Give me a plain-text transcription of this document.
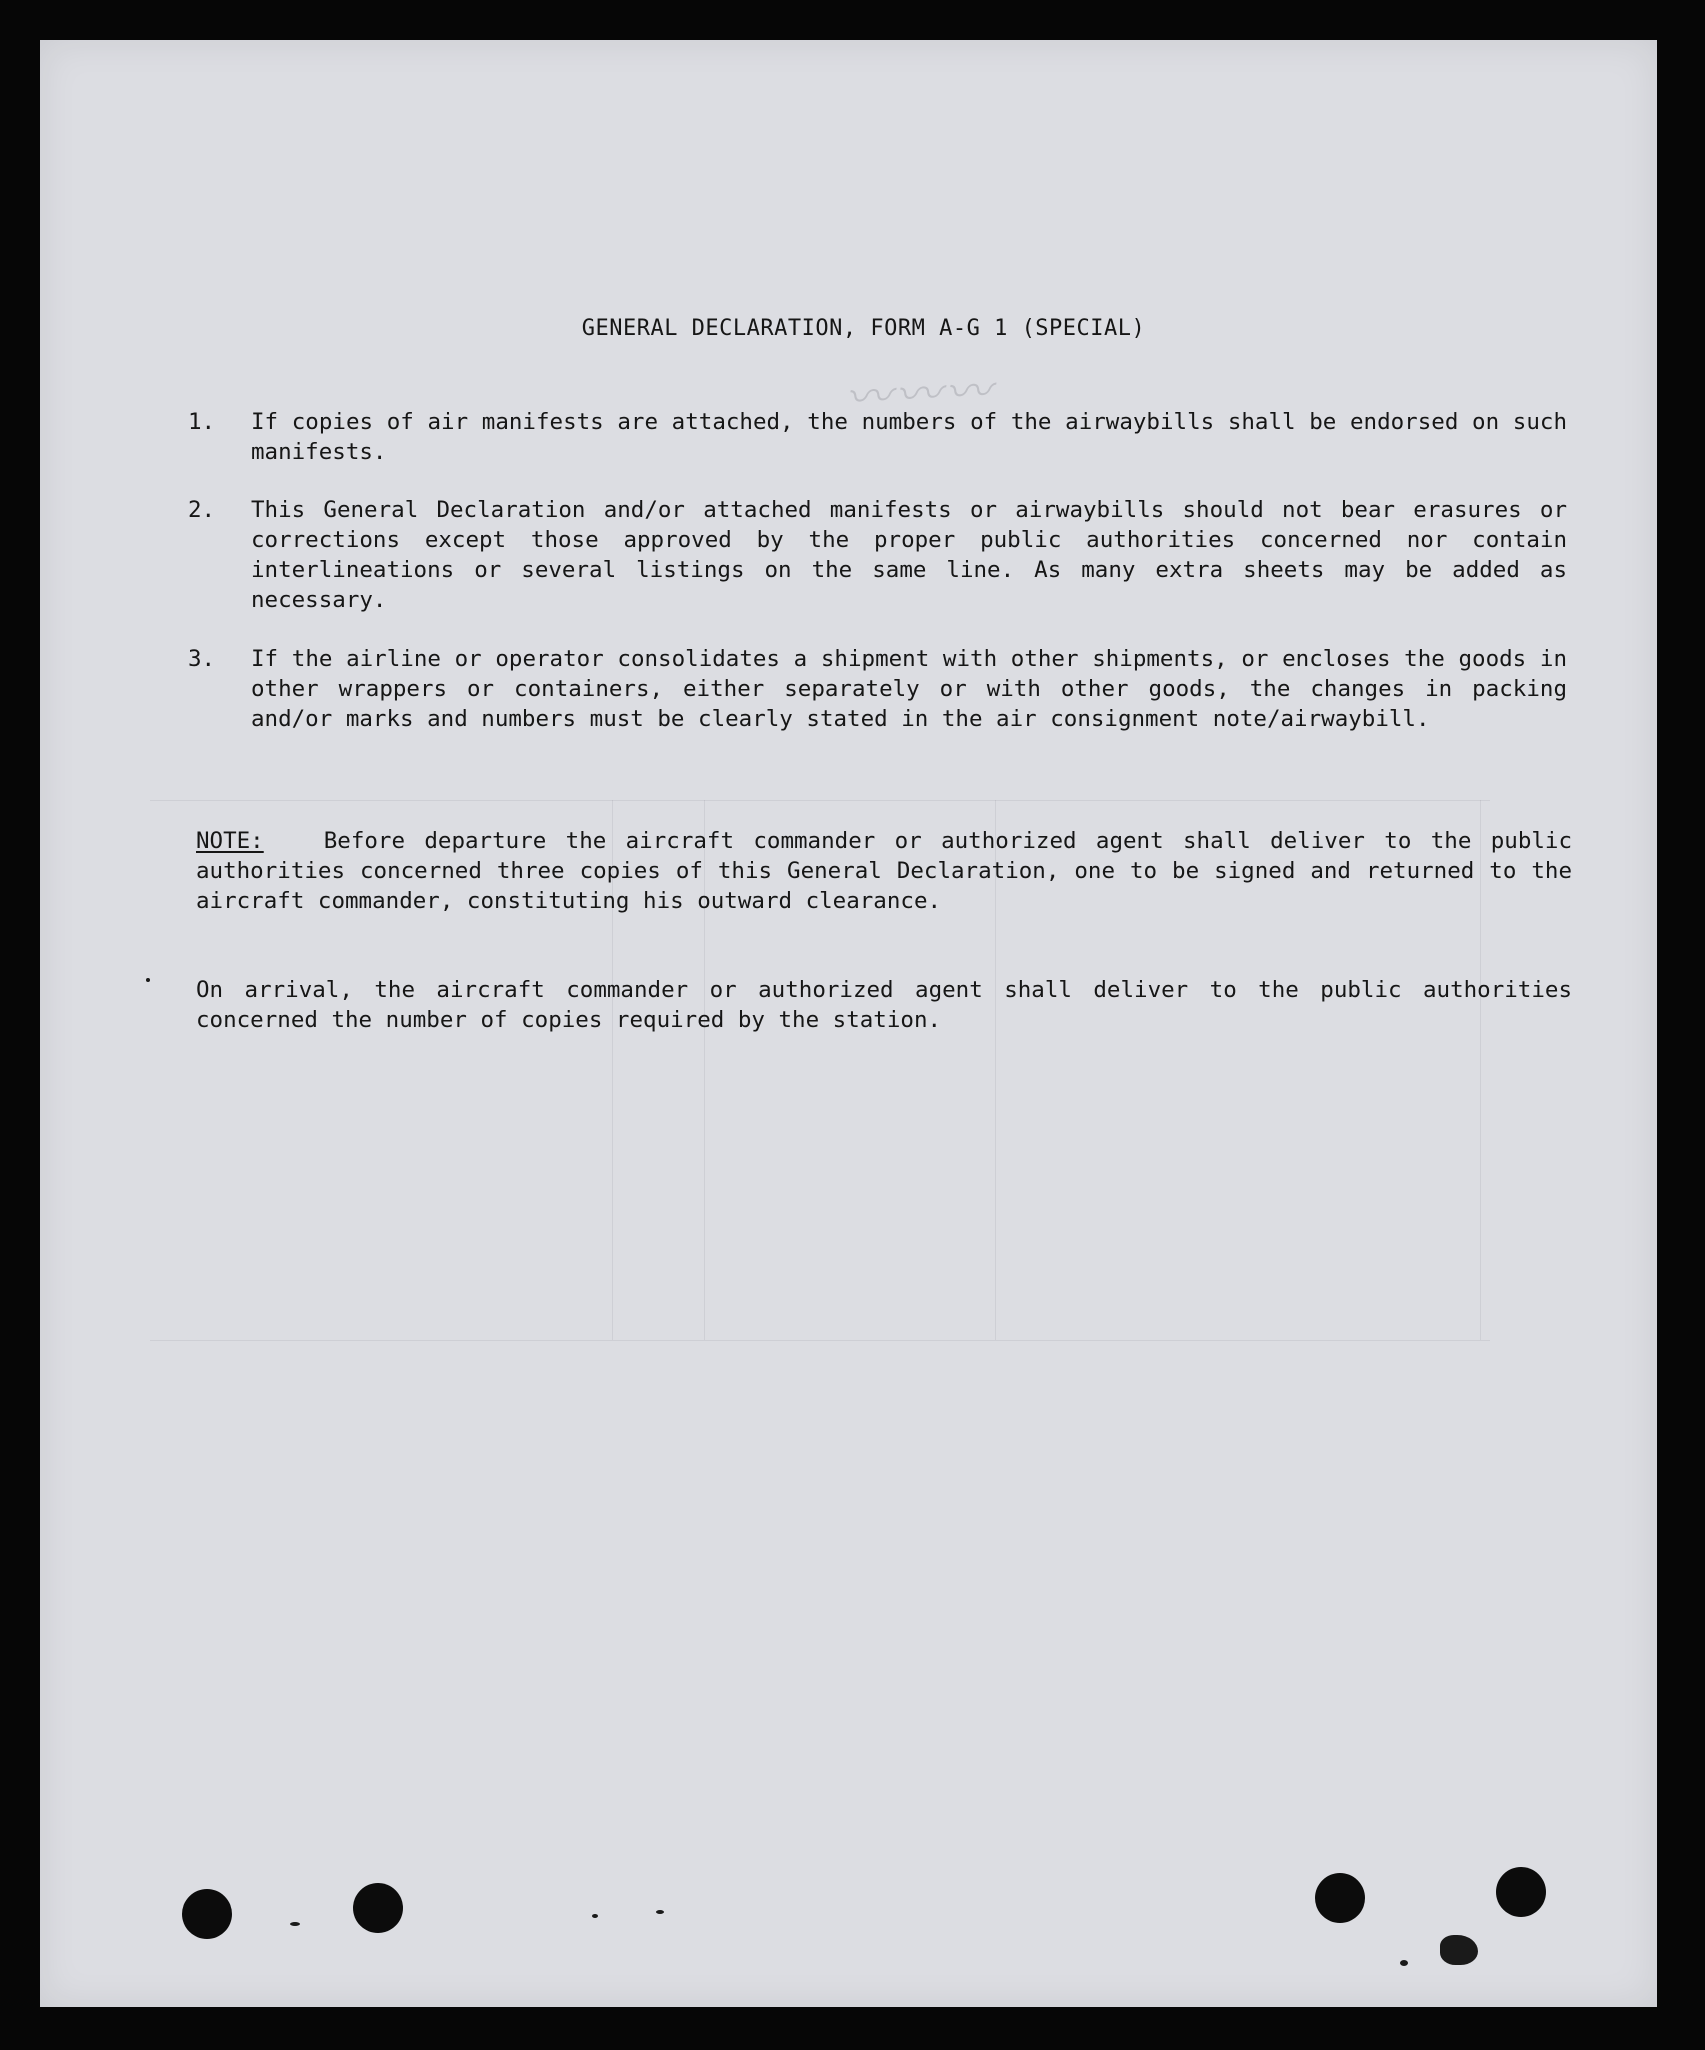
〰〰〰
GENERAL DECLARATION, FORM A-G 1 (SPECIAL)
1. If copies of air manifests are attached, the numbers of the airwaybills shall be endorsed on such manifests.
2. This General Declaration and/or attached manifests or airwaybills should not bear erasures or corrections except those approved by the proper public authorities concerned nor contain interlineations or several listings on the same line. As many extra sheets may be added as necessary.
3. If the airline or operator consolidates a shipment with other shipments, or encloses the goods in other wrappers or containers, either separately or with other goods, the changes in packing and/or marks and numbers must be clearly stated in the air consignment note/airwaybill.
NOTE:	Before departure the aircraft commander or authorized agent shall deliver to the public authorities concerned three copies of this General Declaration, one to be signed and returned to the aircraft commander, constituting his outward clearance.
On arrival, the aircraft commander or authorized agent shall deliver to the public authorities concerned the number of copies required by the station.
